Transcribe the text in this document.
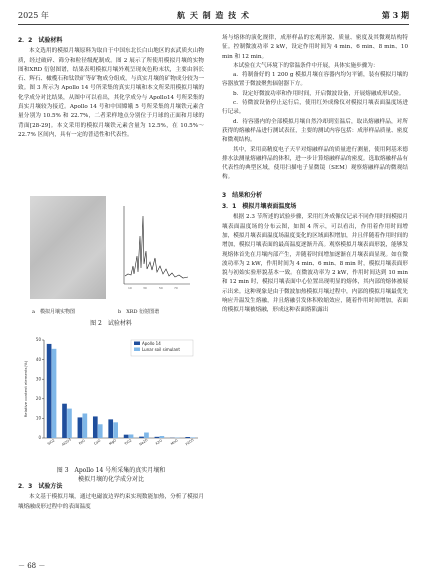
2025 年	航 天 制 造 技 术	第 3 期
2．2　试验材料

本文选用的模拟月壤原料为取自于中国东北长白山地区的玄武质火山物质，经过破碎、筛分和粒径级配制成。图 2 展示了所使用模拟月壤的实物图和XRD 衍射图谱，结果表明模拟月壤外观呈现灰色粉末状，主要由斜长石、辉石、橄榄石和钛铁矿等矿物成分组成，与真实月壤的矿物成分较为一致。图 3 所示为 Apollo 14 号所采集的真实月壤和本文所采用模拟月壤的化学成分对比结果，从图中可以看出，其化学成分与 Apollo14 号所采集的真实月壤较为接近。Apollo 14 号和中国嫦娥 5 号所采集的月壤铁元素含量分别为 10.5% 和 22.7%，二者采样地点分别位于月球的正面和月球的背面[28-29]。本文采用的模拟月壤铁元素含量为 12.5%，在 10.5%～22.7% 区间内，具有一定的普适性和代表性。

10	30	50	70
a　模拟月壤实物图	b　XRD 衍射图谱
图 2　试验材料
0
10
20
30
40
50
Relative content elements(%)
SiO2 Al2O3 FeO CaO MgO TiO2 Na2O K2O MnO P2O5
Apollo 14
Lunar soil simulant
图 3　Apollo 14 号所采集的真实月壤和
模拟月壤的化学成分对比
2．3　试验方法

本文基于模拟月壤，通过电磁波边界约束实现数能加热，分析了模拟月壤熔融成形过程中的表面温度

场与熔体的演化规律，成形样品的宏观形貌、质量、密度及其微观结构特征。控制微波功率 2 kW，设定作用时间为 4 min、6 min、8 min、10 min 和 12 min。

本试验在大气环境下的常温条件中开展，具体实施步骤为：

a．将制备好的 1 200 g 模拟月壤在容器内均匀平铺，装有模拟月壤的容器放置于微波聚焦辐射器下方。

b．设定好微波功率和作用时间，开启微波设备，开展熔融成形试验。

c．待微波设备停止运行后，使用红外成像仪对模拟月壤表面温度场进行记录。

d．待容器内的全部模拟月壤自然冷却到室温后，取出熔融样品，对所获得的熔融样品进行测试表征，主要的测试内容包括：成形样品质量、密度和微观结构。

其中，采用高精度电子天平对熔融样品的质量进行测量，使用阿基米德排水法测量熔融样品的体积，进一步计算熔融样品的密度。选取熔融样品有代表性的典型区域，使用扫描电子显微镜（SEM）观察熔融样品的微观结构。

3　结果和分析
3．1　模拟月壤表面温度场

根据 2.3 节所述的试验步骤，采用红外成像仪记录不同作用时间模拟月壤表面温度场的分布云图，如图 4 所示，可以看出，作用着作用时间增加，模拟月壤表面温度场温度变化的区域面积增加，并且伴随着作用时间的增加，模拟月壤表面的最高温度逐渐升高。观察模拟月壤表面形貌，能够发现熔体首先在月壤内部产生，并随着时间增加逐渐在月壤表面显现。如在微波功率为 2 kW，作用时间为 4 min、6 min、8 min 时，模拟月壤表面形貌与初始实验形貌基本一致。在微波功率为 2 kW，作用时间达到 10 min 和 12 min 时，模拟月壤表面中心位置出现明显的熔体，其内部的熔体被展示出来。这种现象是由于微波加热模拟月壤过程中，内部的模拟月壤最优先响应升温发生熔融，并且熔融引发体积收缩效应，随着作用时间增加，表面的模拟月壤被熔融，形成这种表面熔陷露出

－ 68 －
